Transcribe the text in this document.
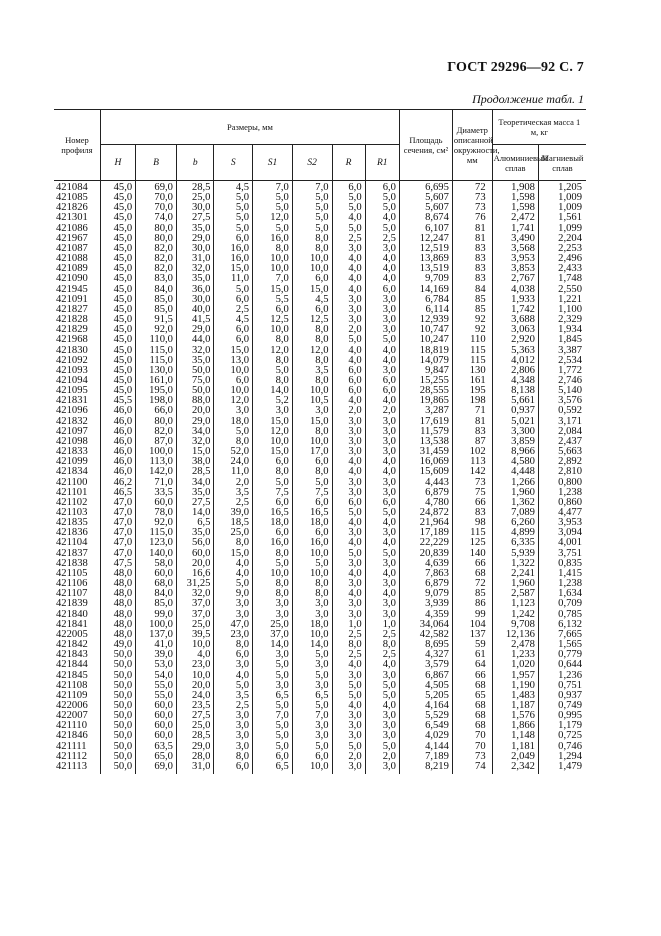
ГОСТ 29296—92 С. 7
Продолжение табл. 1
Номер профиля	Размеры, мм								Площадь сечения, см²	Диаметр описанной окружности, мм	Теоретическая масса 1 м, кг	
	H	B	b	S	S1	S2	R	R1			Алюминиевый сплав	Магниевый сплав
421084	45,0	69,0	28,5	4,5	7,0	7,0	6,0	6,0	6,695	72	1,908	1,205
421085	45,0	70,0	25,0	5,0	5,0	5,0	5,0	5,0	5,607	73	1,598	1,009
421826	45,0	70,0	30,0	5,0	5,0	5,0	5,0	5,0	5,607	73	1,598	1,009
421301	45,0	74,0	27,5	5,0	12,0	5,0	4,0	4,0	8,674	76	2,472	1,561
421086	45,0	80,0	35,0	5,0	5,0	5,0	5,0	5,0	6,107	81	1,741	1,099
421967	45,0	80,0	29,0	6,0	16,0	8,0	2,5	2,5	12,247	81	3,490	2,204
421087	45,0	82,0	30,0	16,0	8,0	8,0	3,0	3,0	12,519	83	3,568	2,253
421088	45,0	82,0	31,0	16,0	10,0	10,0	4,0	4,0	13,869	83	3,953	2,496
421089	45,0	82,0	32,0	15,0	10,0	10,0	4,0	4,0	13,519	83	3,853	2,433
421090	45,0	83,0	35,0	11,0	7,0	6,0	4,0	4,0	9,709	83	2,767	1,748
421945	45,0	84,0	36,0	5,0	15,0	15,0	4,0	6,0	14,169	84	4,038	2,550
421091	45,0	85,0	30,0	6,0	5,5	4,5	3,0	3,0	6,784	85	1,933	1,221
421827	45,0	85,0	40,0	2,5	6,0	6,0	3,0	3,0	6,114	85	1,742	1,100
421828	45,0	91,5	41,5	4,5	12,5	12,5	3,0	3,0	12,939	92	3,688	2,329
421829	45,0	92,0	29,0	6,0	10,0	8,0	2,0	3,0	10,747	92	3,063	1,934
421968	45,0	110,0	44,0	6,0	8,0	8,0	5,0	5,0	10,247	110	2,920	1,845
421830	45,0	115,0	32,0	15,0	12,0	12,0	4,0	4,0	18,819	115	5,363	3,387
421092	45,0	115,0	35,0	13,0	8,0	8,0	4,0	4,0	14,079	115	4,012	2,534
421093	45,0	130,0	50,0	10,0	5,0	3,5	6,0	3,0	9,847	130	2,806	1,772
421094	45,0	161,0	75,0	6,0	8,0	8,0	6,0	6,0	15,255	161	4,348	2,746
421095	45,0	195,0	50,0	10,0	14,0	10,0	6,0	6,0	28,555	195	8,138	5,140
421831	45,5	198,0	88,0	12,0	5,2	10,5	4,0	4,0	19,865	198	5,661	3,576
421096	46,0	66,0	20,0	3,0	3,0	3,0	2,0	2,0	3,287	71	0,937	0,592
421832	46,0	80,0	29,0	18,0	15,0	15,0	3,0	3,0	17,619	81	5,021	3,171
421097	46,0	82,0	34,0	5,0	12,0	8,0	3,0	3,0	11,579	83	3,300	2,084
421098	46,0	87,0	32,0	8,0	10,0	10,0	3,0	3,0	13,538	87	3,859	2,437
421833	46,0	100,0	15,0	52,0	15,0	17,0	3,0	3,0	31,459	102	8,966	5,663
421099	46,0	113,0	38,0	24,0	6,0	6,0	4,0	4,0	16,069	113	4,580	2,892
421834	46,0	142,0	28,5	11,0	8,0	8,0	4,0	4,0	15,609	142	4,448	2,810
421100	46,2	71,0	34,0	2,0	5,0	5,0	3,0	3,0	4,443	73	1,266	0,800
421101	46,5	33,5	35,0	3,5	7,5	7,5	3,0	3,0	6,879	75	1,960	1,238
421102	47,0	60,0	27,5	2,5	6,0	6,0	6,0	6,0	4,780	66	1,362	0,860
421103	47,0	78,0	14,0	39,0	16,5	16,5	5,0	5,0	24,872	83	7,089	4,477
421835	47,0	92,0	6,5	18,5	18,0	18,0	4,0	4,0	21,964	98	6,260	3,953
421836	47,0	115,0	35,0	25,0	6,0	6,0	3,0	3,0	17,189	115	4,899	3,094
421104	47,0	123,0	56,0	8,0	16,0	16,0	4,0	4,0	22,229	125	6,335	4,001
421837	47,0	140,0	60,0	15,0	8,0	10,0	5,0	5,0	20,839	140	5,939	3,751
421838	47,5	58,0	20,0	4,0	5,0	5,0	3,0	3,0	4,639	66	1,322	0,835
421105	48,0	60,0	16,6	4,0	10,0	10,0	4,0	4,0	7,863	68	2,241	1,415
421106	48,0	68,0	31,25	5,0	8,0	8,0	3,0	3,0	6,879	72	1,960	1,238
421107	48,0	84,0	32,0	9,0	8,0	8,0	4,0	4,0	9,079	85	2,587	1,634
421839	48,0	85,0	37,0	3,0	3,0	3,0	3,0	3,0	3,939	86	1,123	0,709
421840	48,0	99,0	37,0	3,0	3,0	3,0	3,0	3,0	4,359	99	1,242	0,785
421841	48,0	100,0	25,0	47,0	25,0	18,0	1,0	1,0	34,064	104	9,708	6,132
422005	48,0	137,0	39,5	23,0	37,0	10,0	2,5	2,5	42,582	137	12,136	7,665
421842	49,0	41,0	10,0	8,0	14,0	14,0	8,0	8,0	8,695	59	2,478	1,565
421843	50,0	39,0	4,0	6,0	3,0	5,0	2,5	2,5	4,327	61	1,233	0,779
421844	50,0	53,0	23,0	3,0	5,0	3,0	4,0	4,0	3,579	64	1,020	0,644
421845	50,0	54,0	10,0	4,0	5,0	5,0	3,0	3,0	6,867	66	1,957	1,236
421108	50,0	55,0	20,0	5,0	3,0	3,0	5,0	5,0	4,505	68	1,190	0,751
421109	50,0	55,0	24,0	3,5	6,5	6,5	5,0	5,0	5,205	65	1,483	0,937
422006	50,0	60,0	23,5	2,5	5,0	5,0	4,0	4,0	4,164	68	1,187	0,749
422007	50,0	60,0	27,5	3,0	7,0	7,0	3,0	3,0	5,529	68	1,576	0,995
421110	50,0	60,0	25,0	3,0	5,0	3,0	3,0	3,0	6,549	68	1,866	1,179
421846	50,0	60,0	28,5	3,0	5,0	3,0	3,0	3,0	4,029	70	1,148	0,725
421111	50,0	63,5	29,0	3,0	5,0	5,0	5,0	5,0	4,144	70	1,181	0,746
421112	50,0	65,0	28,0	8,0	6,0	6,0	2,0	2,0	7,189	73	2,049	1,294
421113	50,0	69,0	31,0	6,0	6,5	10,0	3,0	3,0	8,219	74	2,342	1,479
